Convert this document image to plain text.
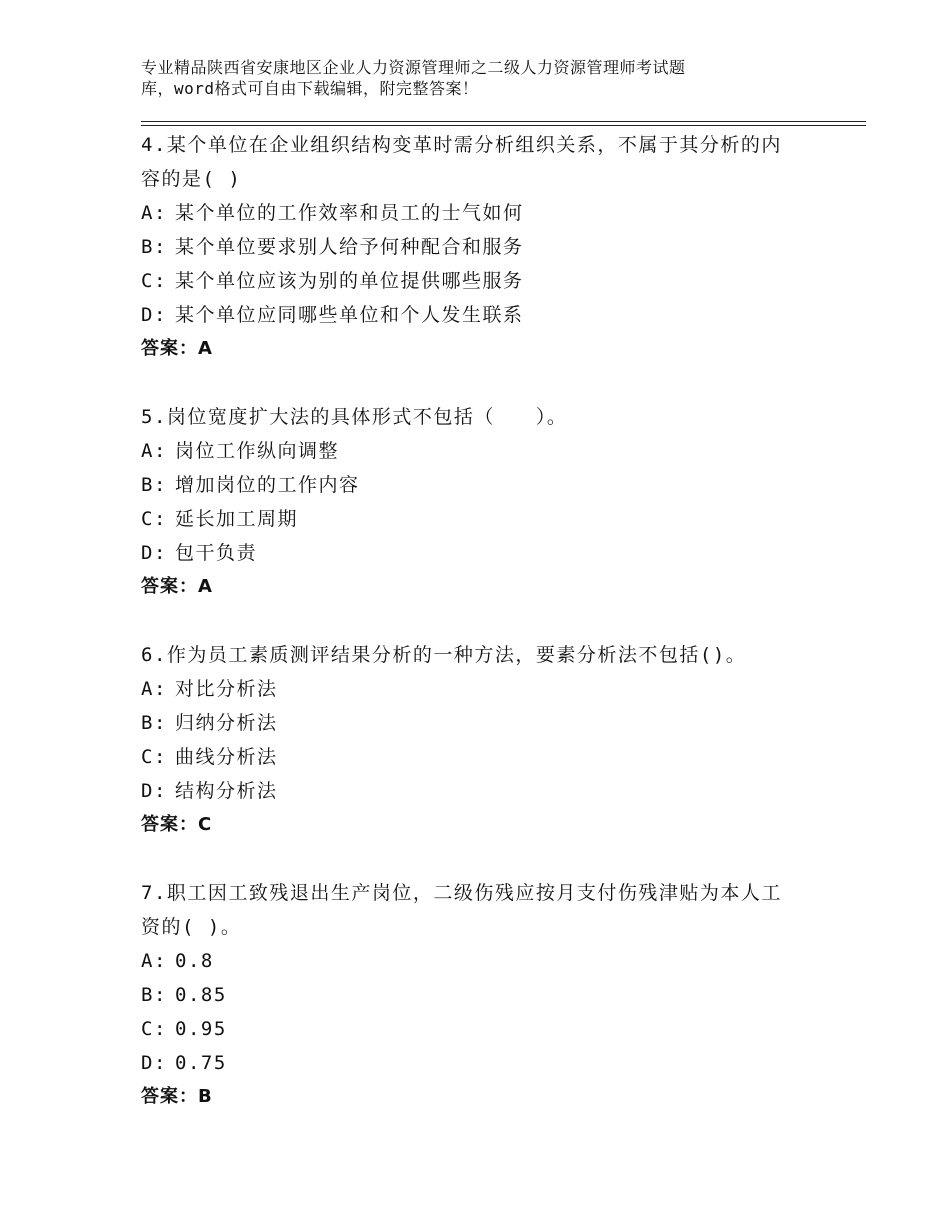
专业精品陕西省安康地区企业人力资源管理师之二级人力资源管理师考试题
库，word格式可自由下载编辑，附完整答案！

4.某个单位在企业组织结构变革时需分析组织关系，不属于其分析的内容的是( )

A: 某个单位的工作效率和员工的士气如何

B: 某个单位要求别人给予何种配合和服务

C: 某个单位应该为别的单位提供哪些服务

D: 某个单位应同哪些单位和个人发生联系

答案：A

5.岗位宽度扩大法的具体形式不包括（　　）。

A: 岗位工作纵向调整

B: 增加岗位的工作内容

C: 延长加工周期

D: 包干负责

答案：A

6.作为员工素质测评结果分析的一种方法，要素分析法不包括()。

A: 对比分析法

B: 归纳分析法

C: 曲线分析法

D: 结构分析法

答案：C

7.职工因工致残退出生产岗位，二级伤残应按月支付伤残津贴为本人工资的( )。

A: 0.8

B: 0.85

C: 0.95

D: 0.75

答案：B
